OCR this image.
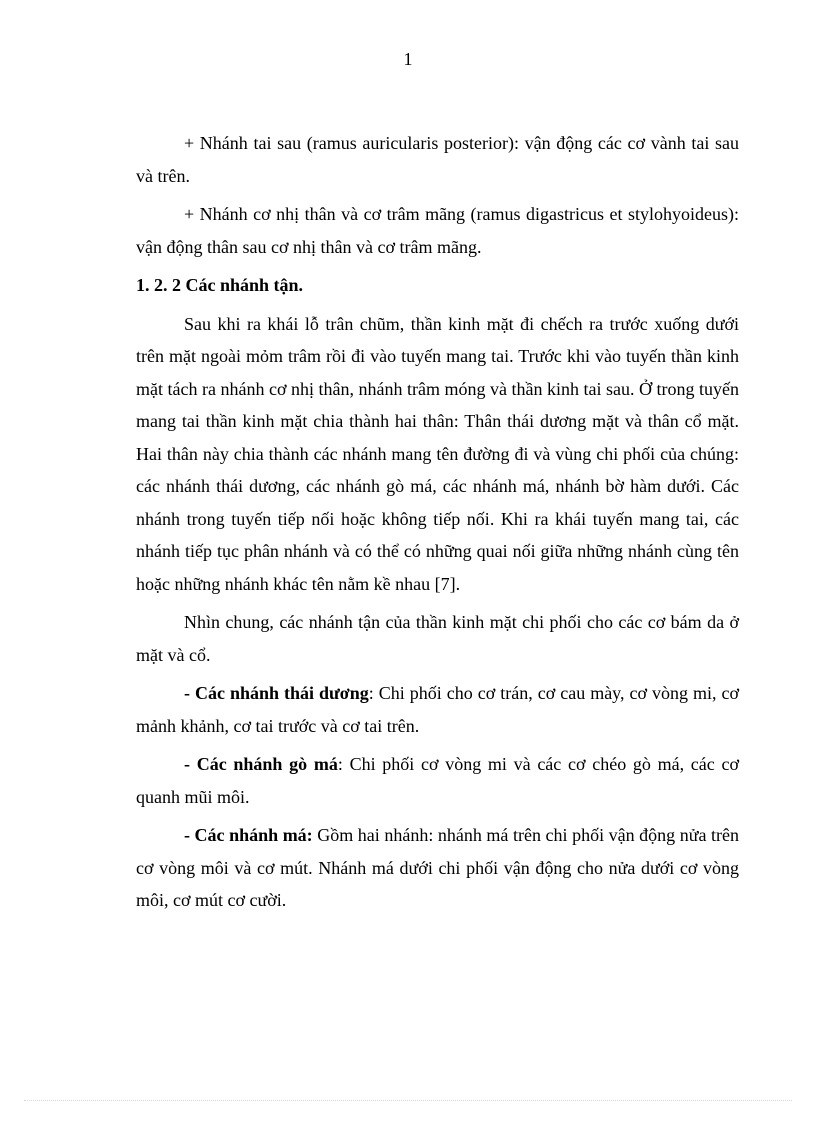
1

+ Nhánh tai sau (ramus auricularis posterior): vận động các cơ vành tai sau và trên.

+ Nhánh cơ nhị thân và cơ trâm mãng (ramus digastricus et stylohyoideus): vận động thân sau cơ nhị thân và cơ trâm mãng.

1. 2. 2 Các nhánh tận.

Sau khi ra khái lỗ trân chũm, thần kinh mặt đi chếch ra trước xuống dưới trên mặt ngoài mỏm trâm rồi đi vào tuyến mang tai. Trước khi vào tuyến thần kinh mặt tách ra nhánh cơ nhị thân, nhánh trâm móng và thần kinh tai sau. Ở trong tuyến mang tai thần kinh mặt chia thành hai thân: Thân thái dương mặt và thân cổ mặt. Hai thân này chia thành các nhánh mang tên đường đi và vùng chi phối của chúng: các nhánh thái dương, các nhánh gò má, các nhánh má, nhánh bờ hàm dưới. Các nhánh trong tuyến tiếp nối hoặc không tiếp nối. Khi ra khái tuyến mang tai, các nhánh tiếp tục phân nhánh và có thể có những quai nối giữa những nhánh cùng tên hoặc những nhánh khác tên nằm kề nhau [7].

Nhìn chung, các nhánh tận của thần kinh mặt chi phối cho các cơ bám da ở mặt và cổ.

- Các nhánh thái dương: Chi phối cho cơ trán, cơ cau mày, cơ vòng mi, cơ mảnh khảnh, cơ tai trước và cơ tai trên.

- Các nhánh gò má: Chi phối cơ vòng mi và các cơ chéo gò má, các cơ quanh mũi môi.

- Các nhánh má: Gồm hai nhánh: nhánh má trên chi phối vận động nửa trên cơ vòng môi và cơ mút. Nhánh má dưới chi phối vận động cho nửa dưới cơ vòng môi, cơ mút cơ cười.
